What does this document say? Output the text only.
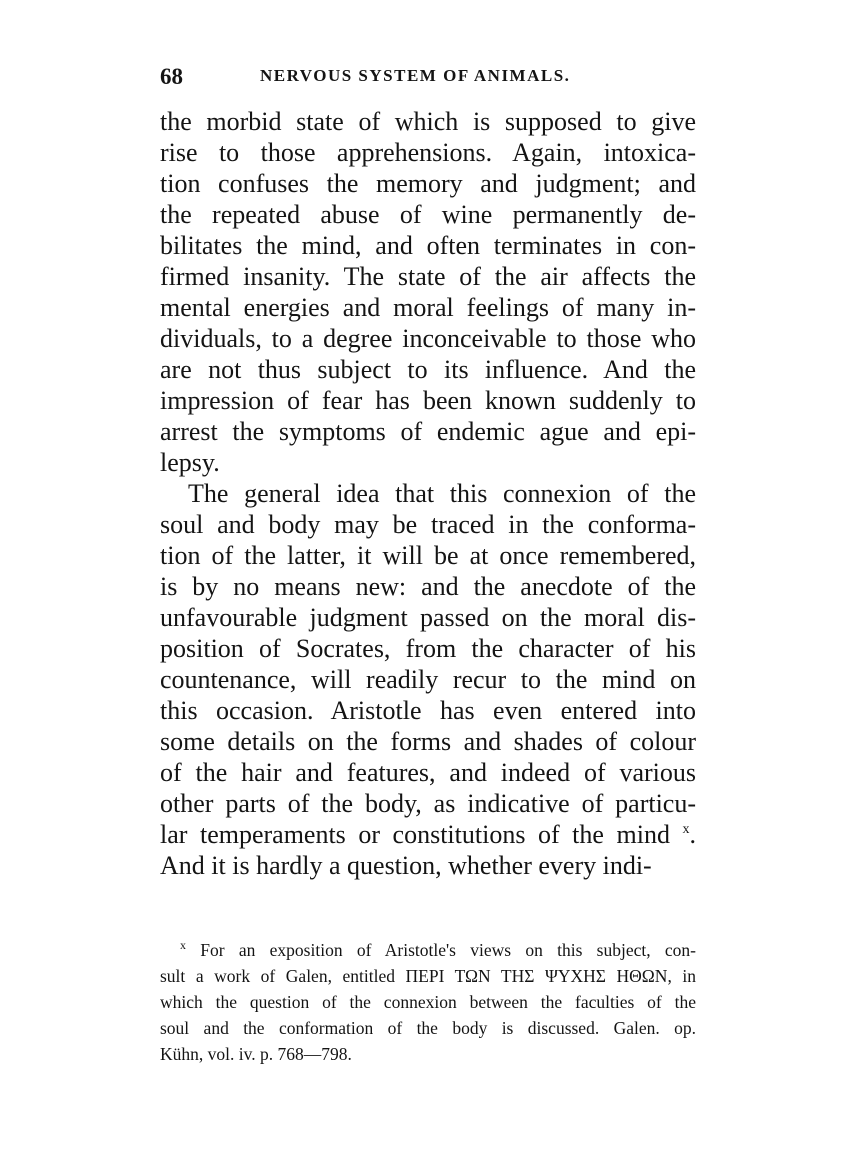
68	NERVOUS SYSTEM OF ANIMALS.
the morbid state of which is supposed to give
rise to those apprehensions. Again, intoxica-
tion confuses the memory and judgment; and
the repeated abuse of wine permanently de-
bilitates the mind, and often terminates in con-
firmed insanity. The state of the air affects the
mental energies and moral feelings of many in-
dividuals, to a degree inconceivable to those who
are not thus subject to its influence. And the
impression of fear has been known suddenly to
arrest the symptoms of endemic ague and epi-
lepsy.
The general idea that this connexion of the
soul and body may be traced in the conforma-
tion of the latter, it will be at once remembered,
is by no means new: and the anecdote of the
unfavourable judgment passed on the moral dis-
position of Socrates, from the character of his
countenance, will readily recur to the mind on
this occasion. Aristotle has even entered into
some details on the forms and shades of colour
of the hair and features, and indeed of various
other parts of the body, as indicative of particu-
lar temperaments or constitutions of the mind $^x$.
And it is hardly a question, whether every indi-
$^x$ For an exposition of Aristotle's views on this subject, con-
sult a work of Galen, entitled ΠΕΡΙ ΤΩΝ ΤΗΣ ΨΥΧΗΣ ΗΘΩΝ, in
which the question of the connexion between the faculties of the
soul and the conformation of the body is discussed. Galen. op.
Kühn, vol. iv. p. 768—798.
